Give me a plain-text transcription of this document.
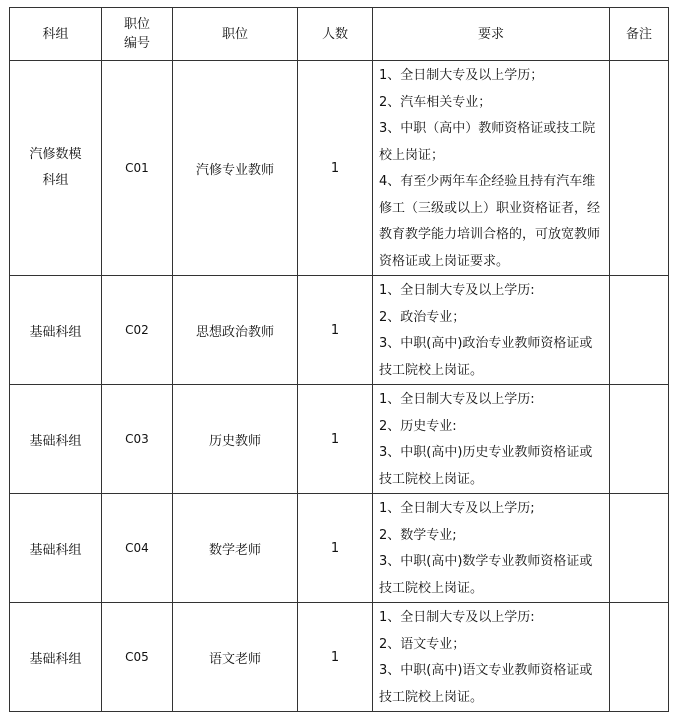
科组	职位编号	职位	人数	要求	备注

汽修数模科组	C01	汽修专业教师	1	1、全日制大专及以上学历；
2、汽车相关专业；
3、中职（高中）教师资格证或技工院校上岗证；
4、有至少两年车企经验且持有汽车维修工（三级或以上）职业资格证者，经教育教学能力培训合格的，可放宽教师资格证或上岗证要求。	

基础科组	C02	思想政治教师	1	1、全日制大专及以上学历:
2、政治专业；
3、中职(高中)政治专业教师资格证或技工院校上岗证。	

基础科组	C03	历史教师	1	1、全日制大专及以上学历:
2、历史专业:
3、中职(高中)历史专业教师资格证或技工院校上岗证。	

基础科组	C04	数学老师	1	1、全日制大专及以上学历;
2、数学专业;
3、中职(高中)数学专业教师资格证或技工院校上岗证。	

基础科组	C05	语文老师	1	1、全日制大专及以上学历:
2、语文专业；
3、中职(高中)语文专业教师资格证或技工院校上岗证。	
